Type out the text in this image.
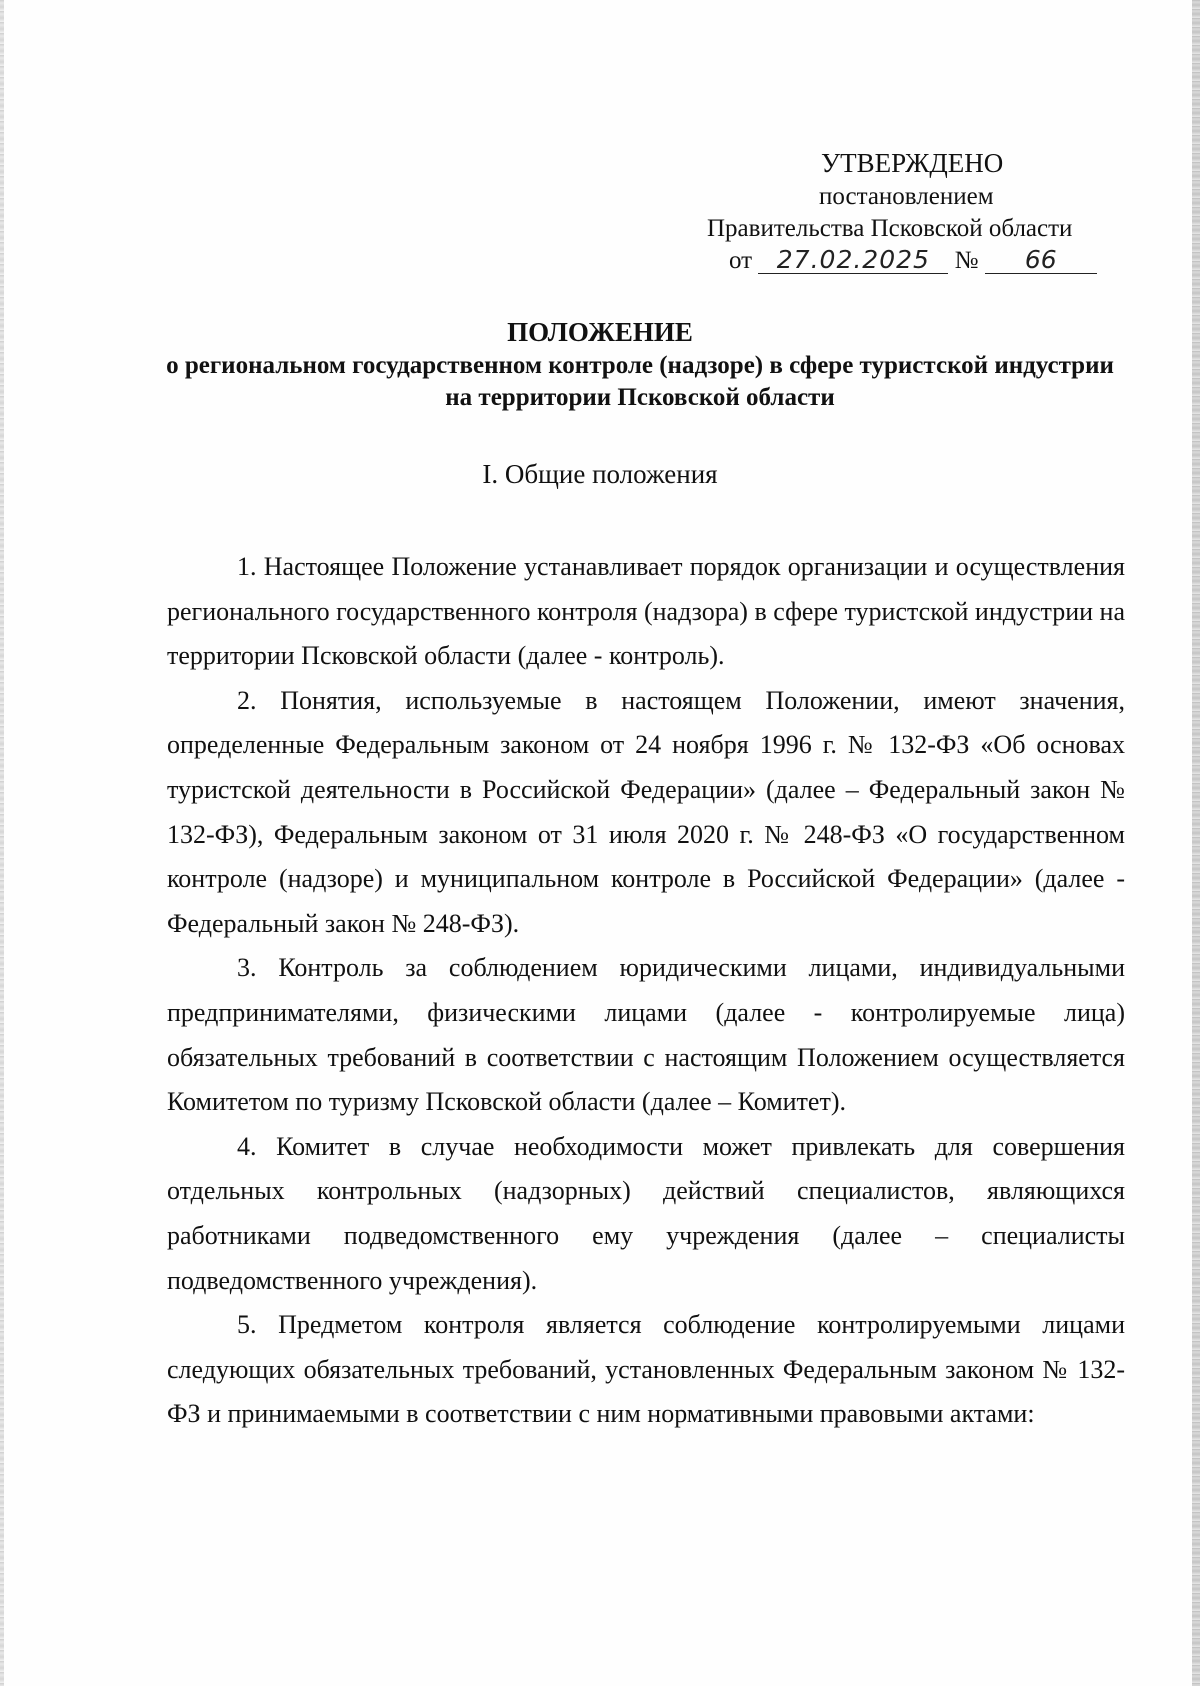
УТВЕРЖДЕНО
постановлением
Правительства Псковской области
от 27.02.2025 № 66
ПОЛОЖЕНИЕ
о региональном государственном контроле (надзоре) в сфере туристской индустрии на территории Псковской области
I. Общие положения

1. Настоящее Положение устанавливает порядок организации и осуществления регионального государственного контроля (надзора) в сфере туристской индустрии на территории Псковской области (далее - контроль).

2. Понятия, используемые в настоящем Положении, имеют значения, определенные Федеральным законом от 24 ноября 1996 г. № 132-ФЗ «Об основах туристской деятельности в Российской Федерации» (далее – Федеральный закон № 132-ФЗ), Федеральным законом от 31 июля 2020 г. № 248-ФЗ «О государственном контроле (надзоре) и муниципальном контроле в Российской Федерации» (далее - Федеральный закон № 248-ФЗ).

3. Контроль за соблюдением юридическими лицами, индивидуальными предпринимателями, физическими лицами (далее - контролируемые лица) обязательных требований в соответствии с настоящим Положением осуществляется Комитетом по туризму Псковской области (далее – Комитет).

4. Комитет в случае необходимости может привлекать для совершения отдельных контрольных (надзорных) действий специалистов, являющихся работниками подведомственного ему учреждения (далее – специалисты подведомственного учреждения).

5. Предметом контроля является соблюдение контролируемыми лицами следующих обязательных требований, установленных Федеральным законом № 132-ФЗ и принимаемыми в соответствии с ним нормативными правовыми актами:
